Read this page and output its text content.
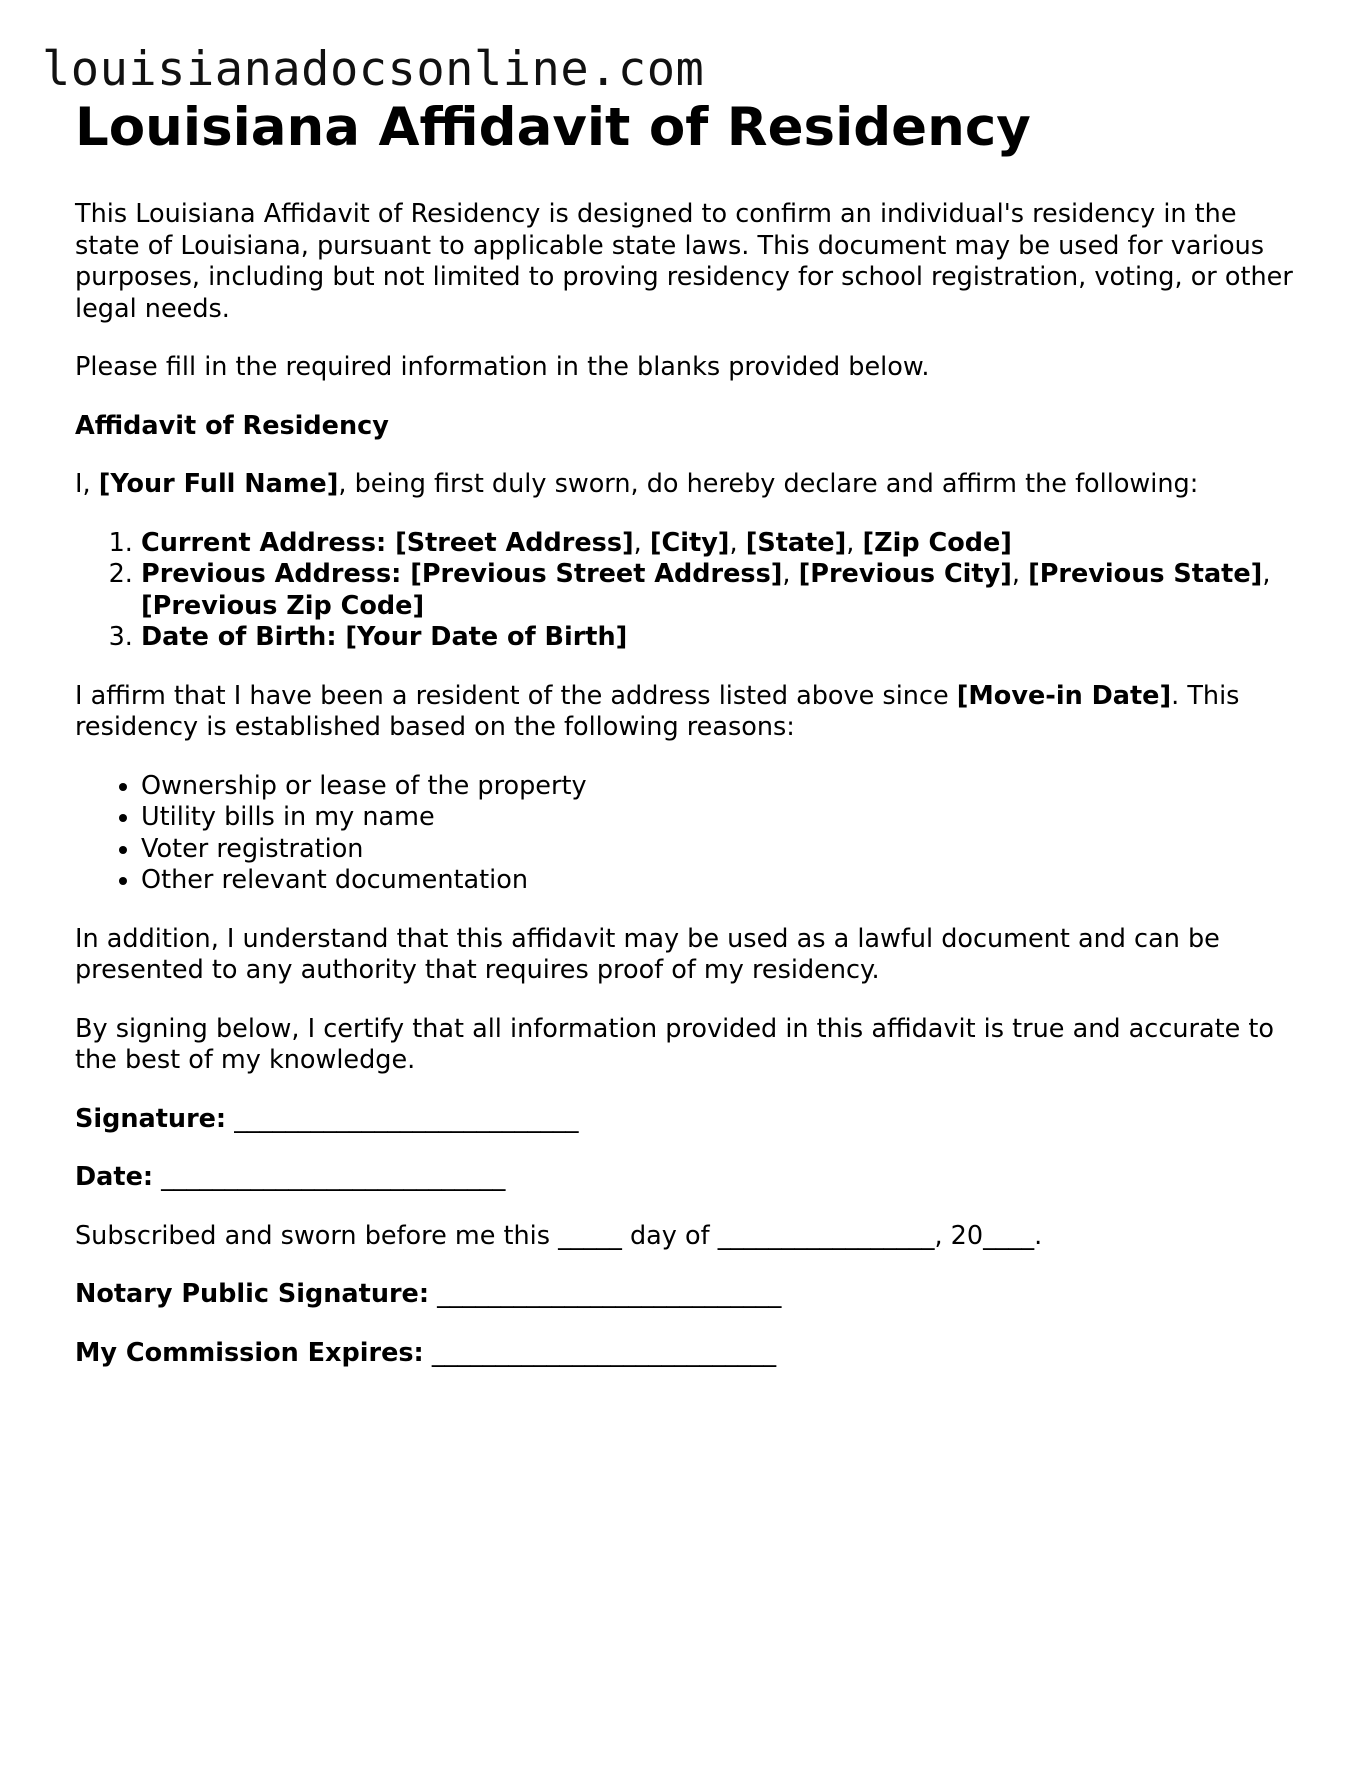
louisianadocsonline.com
Louisiana Affidavit of Residency

This Louisiana Affidavit of Residency is designed to confirm an individual's residency in the state of Louisiana, pursuant to applicable state laws. This document may be used for various purposes, including but not limited to proving residency for school registration, voting, or other legal needs.

Please fill in the required information in the blanks provided below.

Affidavit of Residency

I, [Your Full Name], being first duly sworn, do hereby declare and affirm the following:

1. Current Address: [Street Address], [City], [State], [Zip Code]
2. Previous Address: [Previous Street Address], [Previous City], [Previous State], [Previous Zip Code]
3. Date of Birth: [Your Date of Birth]

I affirm that I have been a resident of the address listed above since [Move-in Date]. This residency is established based on the following reasons:

• Ownership or lease of the property
• Utility bills in my name
• Voter registration
• Other relevant documentation

In addition, I understand that this affidavit may be used as a lawful document and can be presented to any authority that requires proof of my residency.

By signing below, I certify that all information provided in this affidavit is true and accurate to the best of my knowledge.

Signature: ___________________________

Date: ___________________________

Subscribed and sworn before me this _____ day of _________________, 20____.

Notary Public Signature: ___________________________

My Commission Expires: ___________________________
